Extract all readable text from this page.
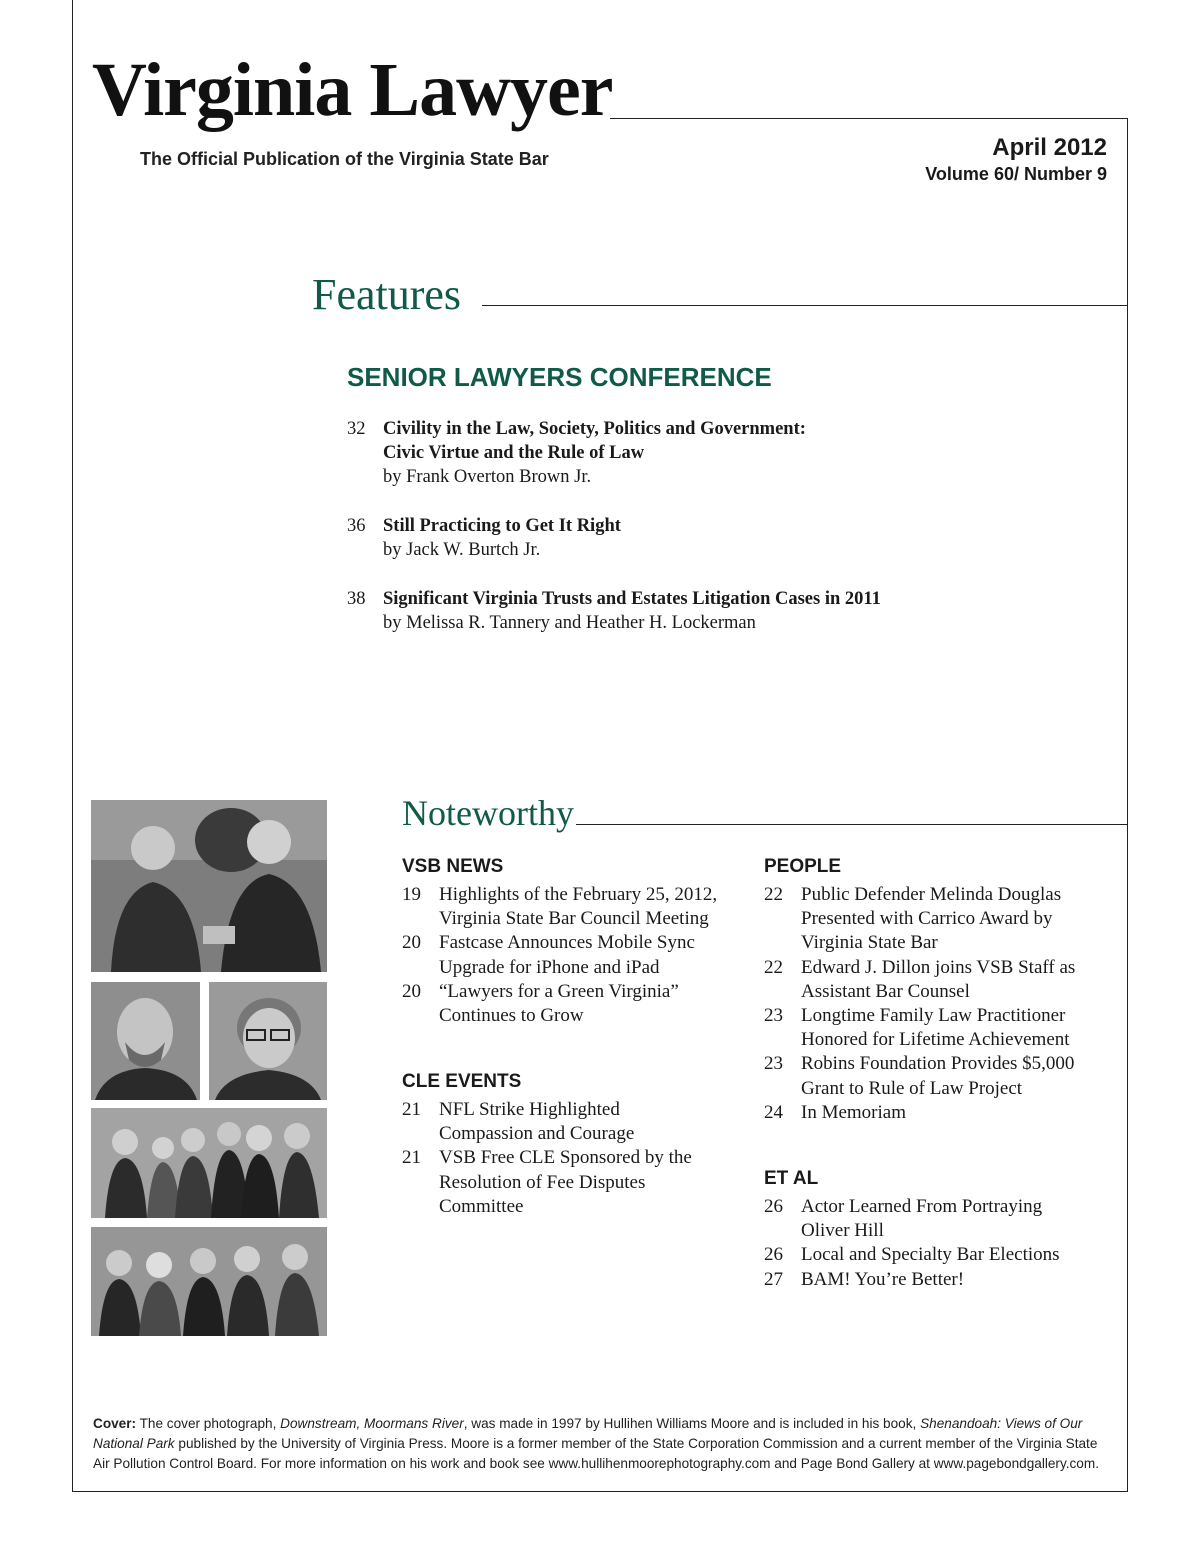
Virginia Lawyer
The Official Publication of the Virginia State Bar	April 2012
Volume 60/ Number 9
Features
SENIOR LAWYERS CONFERENCE
32 Civility in the Law, Society, Politics and Government:
Civic Virtue and the Rule of Law
by Frank Overton Brown Jr.
36 Still Practicing to Get It Right
by Jack W. Burtch Jr.
38 Significant Virginia Trusts and Estates Litigation Cases in 2011
by Melissa R. Tannery and Heather H. Lockerman
Noteworthy
VSB NEWS
19 Highlights of the February 25, 2012, Virginia State Bar Council Meeting
20 Fastcase Announces Mobile Sync Upgrade for iPhone and iPad
20 “Lawyers for a Green Virginia” Continues to Grow
CLE EVENTS
21 NFL Strike Highlighted Compassion and Courage
21 VSB Free CLE Sponsored by the Resolution of Fee Disputes Committee
PEOPLE
22 Public Defender Melinda Douglas Presented with Carrico Award by Virginia State Bar
22 Edward J. Dillon joins VSB Staff as Assistant Bar Counsel
23 Longtime Family Law Practitioner Honored for Lifetime Achievement
23 Robins Foundation Provides $5,000 Grant to Rule of Law Project
24 In Memoriam
ET AL
26 Actor Learned From Portraying Oliver Hill
26 Local and Specialty Bar Elections
27 BAM! You’re Better!
Cover: The cover photograph, Downstream, Moormans River, was made in 1997 by Hullihen Williams Moore and is included in his book, Shenandoah: Views of Our National Park published by the University of Virginia Press. Moore is a former member of the State Corporation Commission and a current member of the Virginia State Air Pollution Control Board. For more information on his work and book see www.hullihenmoorephotography.com and Page Bond Gallery at www.pagebondgallery.com.
